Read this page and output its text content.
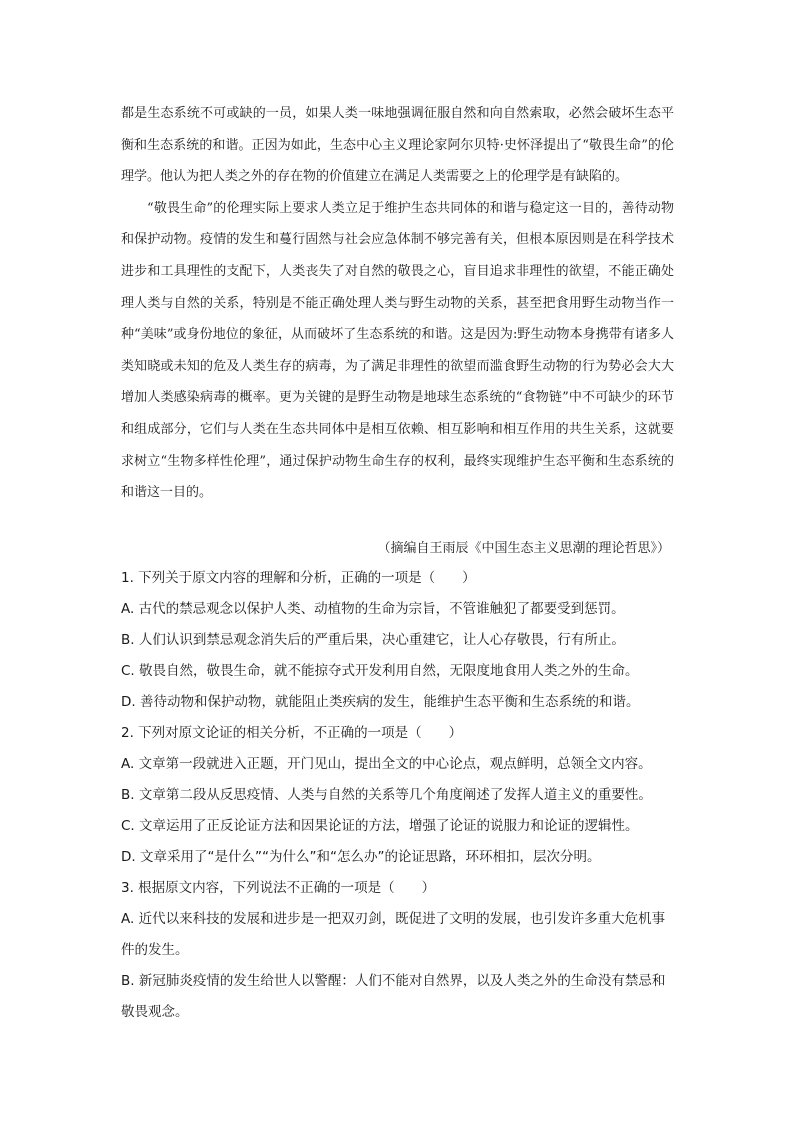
都是生态系统不可或缺的一员，如果人类一味地强调征服自然和向自然索取，必然会破坏生态平衡和生态系统的和谐。正因为如此，生态中心主义理论家阿尔贝特·史怀泽提出了“敬畏生命”的伦理学。他认为把人类之外的存在物的价值建立在满足人类需要之上的伦理学是有缺陷的。

“敬畏生命”的伦理实际上要求人类立足于维护生态共同体的和谐与稳定这一目的，善待动物和保护动物。疫情的发生和蔓行固然与社会应急体制不够完善有关，但根本原因则是在科学技术进步和工具理性的支配下，人类丧失了对自然的敬畏之心，盲目追求非理性的欲望，不能正确处理人类与自然的关系，特别是不能正确处理人类与野生动物的关系，甚至把食用野生动物当作一种“美味”或身份地位的象征，从而破坏了生态系统的和谐。这是因为:野生动物本身携带有诸多人类知晓或未知的危及人类生存的病毒，为了满足非理性的欲望而滥食野生动物的行为势必会大大增加人类感染病毒的概率。更为关键的是野生动物是地球生态系统的“食物链”中不可缺少的环节和组成部分，它们与人类在生态共同体中是相互依赖、相互影响和相互作用的共生关系，这就要求树立“生物多样性伦理”，通过保护动物生命生存的权利，最终实现维护生态平衡和生态系统的和谐这一目的。

（摘编自王雨辰《中国生态主义思潮的理论哲思》）

1. 下列关于原文内容的理解和分析，正确的一项是（　　）

A. 古代的禁忌观念以保护人类、动植物的生命为宗旨，不管谁触犯了都要受到惩罚。

B. 人们认识到禁忌观念消失后的严重后果，决心重建它，让人心存敬畏，行有所止。

C. 敬畏自然，敬畏生命，就不能掠夺式开发利用自然，无限度地食用人类之外的生命。

D. 善待动物和保护动物，就能阻止类疾病的发生，能维护生态平衡和生态系统的和谐。

2. 下列对原文论证的相关分析，不正确的一项是（　　）

A. 文章第一段就进入正题，开门见山，提出全文的中心论点，观点鲜明，总领全文内容。

B. 文章第二段从反思疫情、人类与自然的关系等几个角度阐述了发挥人道主义的重要性。

C. 文章运用了正反论证方法和因果论证的方法，增强了论证的说服力和论证的逻辑性。

D. 文章采用了“是什么”“为什么”和“怎么办”的论证思路，环环相扣，层次分明。

3. 根据原文内容，下列说法不正确的一项是（　　）

A. 近代以来科技的发展和进步是一把双刃剑，既促进了文明的发展，也引发许多重大危机事件的发生。

B. 新冠肺炎疫情的发生给世人以警醒：人们不能对自然界，以及人类之外的生命没有禁忌和敬畏观念。
